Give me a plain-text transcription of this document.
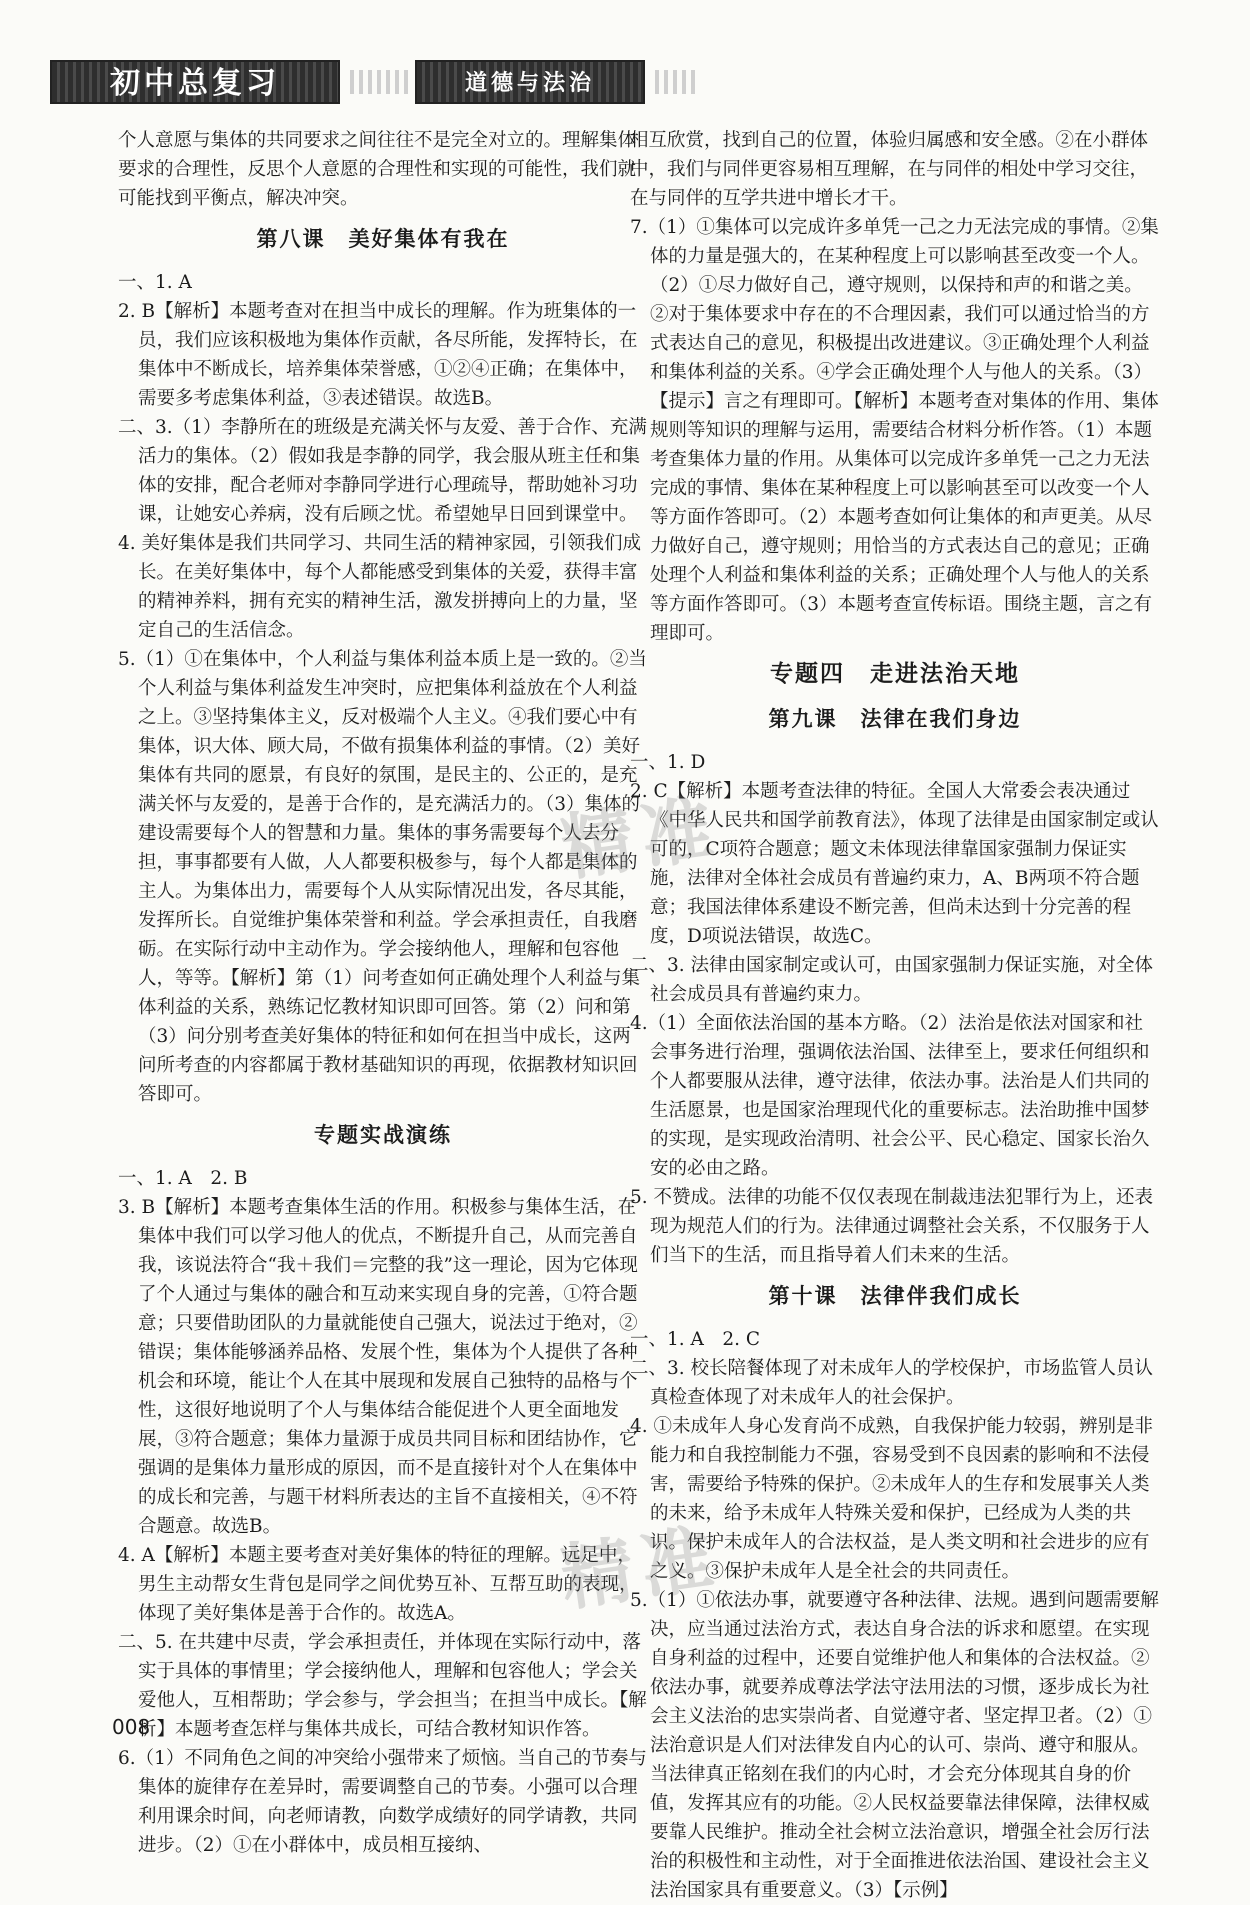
初中总复习	道德与法治

个人意愿与集体的共同要求之间往往不是完全对立的。理解集体要求的合理性，反思个人意愿的合理性和实现的可能性，我们就可能找到平衡点，解决冲突。

第八课　美好集体有我在

一、1. A

2. B【解析】本题考查对在担当中成长的理解。作为班集体的一员，我们应该积极地为集体作贡献，各尽所能，发挥特长，在集体中不断成长，培养集体荣誉感，①②④正确；在集体中，需要多考虑集体利益，③表述错误。故选B。

二、3.（1）李静所在的班级是充满关怀与友爱、善于合作、充满活力的集体。（2）假如我是李静的同学，我会服从班主任和集体的安排，配合老师对李静同学进行心理疏导，帮助她补习功课，让她安心养病，没有后顾之忧。希望她早日回到课堂中。

4. 美好集体是我们共同学习、共同生活的精神家园，引领我们成长。在美好集体中，每个人都能感受到集体的关爱，获得丰富的精神养料，拥有充实的精神生活，激发拼搏向上的力量，坚定自己的生活信念。

5.（1）①在集体中，个人利益与集体利益本质上是一致的。②当个人利益与集体利益发生冲突时，应把集体利益放在个人利益之上。③坚持集体主义，反对极端个人主义。④我们要心中有集体，识大体、顾大局，不做有损集体利益的事情。（2）美好集体有共同的愿景，有良好的氛围，是民主的、公正的，是充满关怀与友爱的，是善于合作的，是充满活力的。（3）集体的建设需要每个人的智慧和力量。集体的事务需要每个人去分担，事事都要有人做，人人都要积极参与，每个人都是集体的主人。为集体出力，需要每个人从实际情况出发，各尽其能，发挥所长。自觉维护集体荣誉和利益。学会承担责任，自我磨砺。在实际行动中主动作为。学会接纳他人，理解和包容他人，等等。【解析】第（1）问考查如何正确处理个人利益与集体利益的关系，熟练记忆教材知识即可回答。第（2）问和第（3）问分别考查美好集体的特征和如何在担当中成长，这两问所考查的内容都属于教材基础知识的再现，依据教材知识回答即可。

专题实战演练

一、1. A　2. B

3. B【解析】本题考查集体生活的作用。积极参与集体生活，在集体中我们可以学习他人的优点，不断提升自己，从而完善自我，该说法符合“我＋我们＝完整的我”这一理论，因为它体现了个人通过与集体的融合和互动来实现自身的完善，①符合题意；只要借助团队的力量就能使自己强大，说法过于绝对，②错误；集体能够涵养品格、发展个性，集体为个人提供了各种机会和环境，能让个人在其中展现和发展自己独特的品格与个性，这很好地说明了个人与集体结合能促进个人更全面地发展，③符合题意；集体力量源于成员共同目标和团结协作，它强调的是集体力量形成的原因，而不是直接针对个人在集体中的成长和完善，与题干材料所表达的主旨不直接相关，④不符合题意。故选B。

4. A【解析】本题主要考查对美好集体的特征的理解。远足中，男生主动帮女生背包是同学之间优势互补、互帮互助的表现，体现了美好集体是善于合作的。故选A。

二、5. 在共建中尽责，学会承担责任，并体现在实际行动中，落实于具体的事情里；学会接纳他人，理解和包容他人；学会关爱他人，互相帮助；学会参与，学会担当；在担当中成长。【解析】本题考查怎样与集体共成长，可结合教材知识作答。

6.（1）不同角色之间的冲突给小强带来了烦恼。当自己的节奏与集体的旋律存在差异时，需要调整自己的节奏。小强可以合理利用课余时间，向老师请教，向数学成绩好的同学请教，共同进步。（2）①在小群体中，成员相互接纳、

相互欣赏，找到自己的位置，体验归属感和安全感。②在小群体中，我们与同伴更容易相互理解，在与同伴的相处中学习交往，在与同伴的互学共进中增长才干。

7.（1）①集体可以完成许多单凭一己之力无法完成的事情。②集体的力量是强大的，在某种程度上可以影响甚至改变一个人。（2）①尽力做好自己，遵守规则，以保持和声的和谐之美。②对于集体要求中存在的不合理因素，我们可以通过恰当的方式表达自己的意见，积极提出改进建议。③正确处理个人利益和集体利益的关系。④学会正确处理个人与他人的关系。（3）【提示】言之有理即可。【解析】本题考查对集体的作用、集体规则等知识的理解与运用，需要结合材料分析作答。（1）本题考查集体力量的作用。从集体可以完成许多单凭一己之力无法完成的事情、集体在某种程度上可以影响甚至可以改变一个人等方面作答即可。（2）本题考查如何让集体的和声更美。从尽力做好自己，遵守规则；用恰当的方式表达自己的意见；正确处理个人利益和集体利益的关系；正确处理个人与他人的关系等方面作答即可。（3）本题考查宣传标语。围绕主题，言之有理即可。

专题四　走进法治天地
第九课　法律在我们身边

一、1. D

2. C【解析】本题考查法律的特征。全国人大常委会表决通过《中华人民共和国学前教育法》，体现了法律是由国家制定或认可的，C项符合题意；题文未体现法律靠国家强制力保证实施，法律对全体社会成员有普遍约束力，A、B两项不符合题意；我国法律体系建设不断完善，但尚未达到十分完善的程度，D项说法错误，故选C。

二、3. 法律由国家制定或认可，由国家强制力保证实施，对全体社会成员具有普遍约束力。

4.（1）全面依法治国的基本方略。（2）法治是依法对国家和社会事务进行治理，强调依法治国、法律至上，要求任何组织和个人都要服从法律，遵守法律，依法办事。法治是人们共同的生活愿景，也是国家治理现代化的重要标志。法治助推中国梦的实现，是实现政治清明、社会公平、民心稳定、国家长治久安的必由之路。

5. 不赞成。法律的功能不仅仅表现在制裁违法犯罪行为上，还表现为规范人们的行为。法律通过调整社会关系，不仅服务于人们当下的生活，而且指导着人们未来的生活。

第十课　法律伴我们成长

一、1. A　2. C

二、3. 校长陪餐体现了对未成年人的学校保护，市场监管人员认真检查体现了对未成年人的社会保护。

4. ①未成年人身心发育尚不成熟，自我保护能力较弱，辨别是非能力和自我控制能力不强，容易受到不良因素的影响和不法侵害，需要给予特殊的保护。②未成年人的生存和发展事关人类的未来，给予未成年人特殊关爱和保护，已经成为人类的共识。保护未成年人的合法权益，是人类文明和社会进步的应有之义。③保护未成年人是全社会的共同责任。

5.（1）①依法办事，就要遵守各种法律、法规。遇到问题需要解决，应当通过法治方式，表达自身合法的诉求和愿望。在实现自身利益的过程中，还要自觉维护他人和集体的合法权益。②依法办事，就要养成尊法学法守法用法的习惯，逐步成长为社会主义法治的忠实崇尚者、自觉遵守者、坚定捍卫者。（2）①法治意识是人们对法律发自内心的认可、崇尚、遵守和服从。当法律真正铭刻在我们的内心时，才会充分体现其自身的价值，发挥其应有的功能。②人民权益要靠法律保障，法律权威要靠人民维护。推动全社会树立法治意识，增强全社会厉行法治的积极性和主动性，对于全面推进依法治国、建设社会主义法治国家具有重要意义。（3）【示例】

精准
精准
008
